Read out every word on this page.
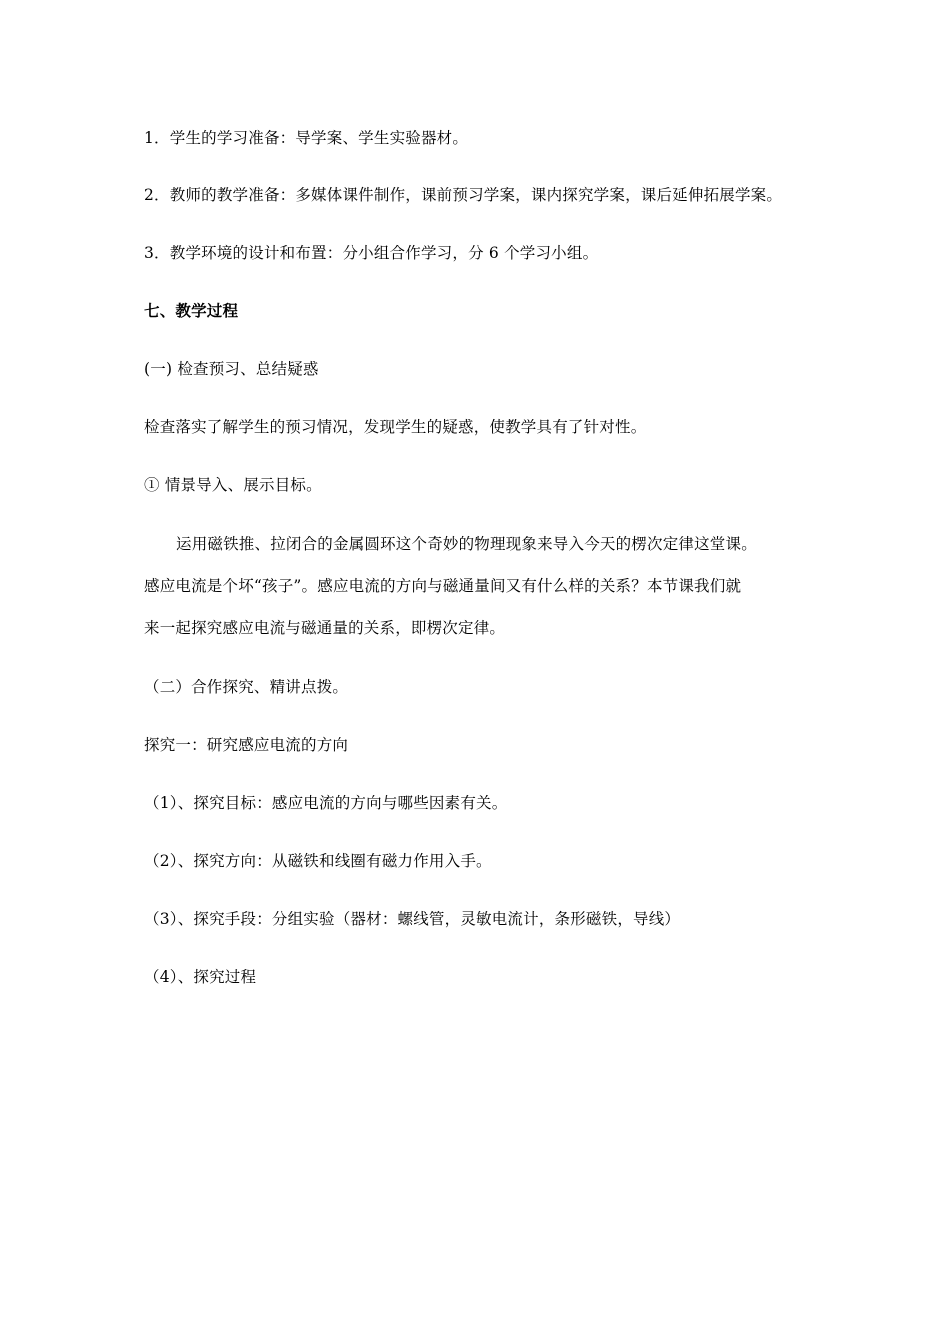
1．学生的学习准备：导学案、学生实验器材。
2．教师的教学准备：多媒体课件制作，课前预习学案，课内探究学案，课后延伸拓展学案。
3．教学环境的设计和布置：分小组合作学习，分 6 个学习小组。
七、教学过程
(一) 检查预习、总结疑惑
检查落实了解学生的预习情况，发现学生的疑惑，使教学具有了针对性。
① 情景导入、展示目标。
运用磁铁推、拉闭合的金属圆环这个奇妙的物理现象来导入今天的楞次定律这堂课。
感应电流是个坏“孩子”。感应电流的方向与磁通量间又有什么样的关系？本节课我们就
来一起探究感应电流与磁通量的关系，即楞次定律。
（二）合作探究、精讲点拨。
探究一：研究感应电流的方向
（1）、探究目标：感应电流的方向与哪些因素有关。
（2）、探究方向：从磁铁和线圈有磁力作用入手。
（3）、探究手段：分组实验（器材：螺线管，灵敏电流计，条形磁铁，导线）
（4）、探究过程
